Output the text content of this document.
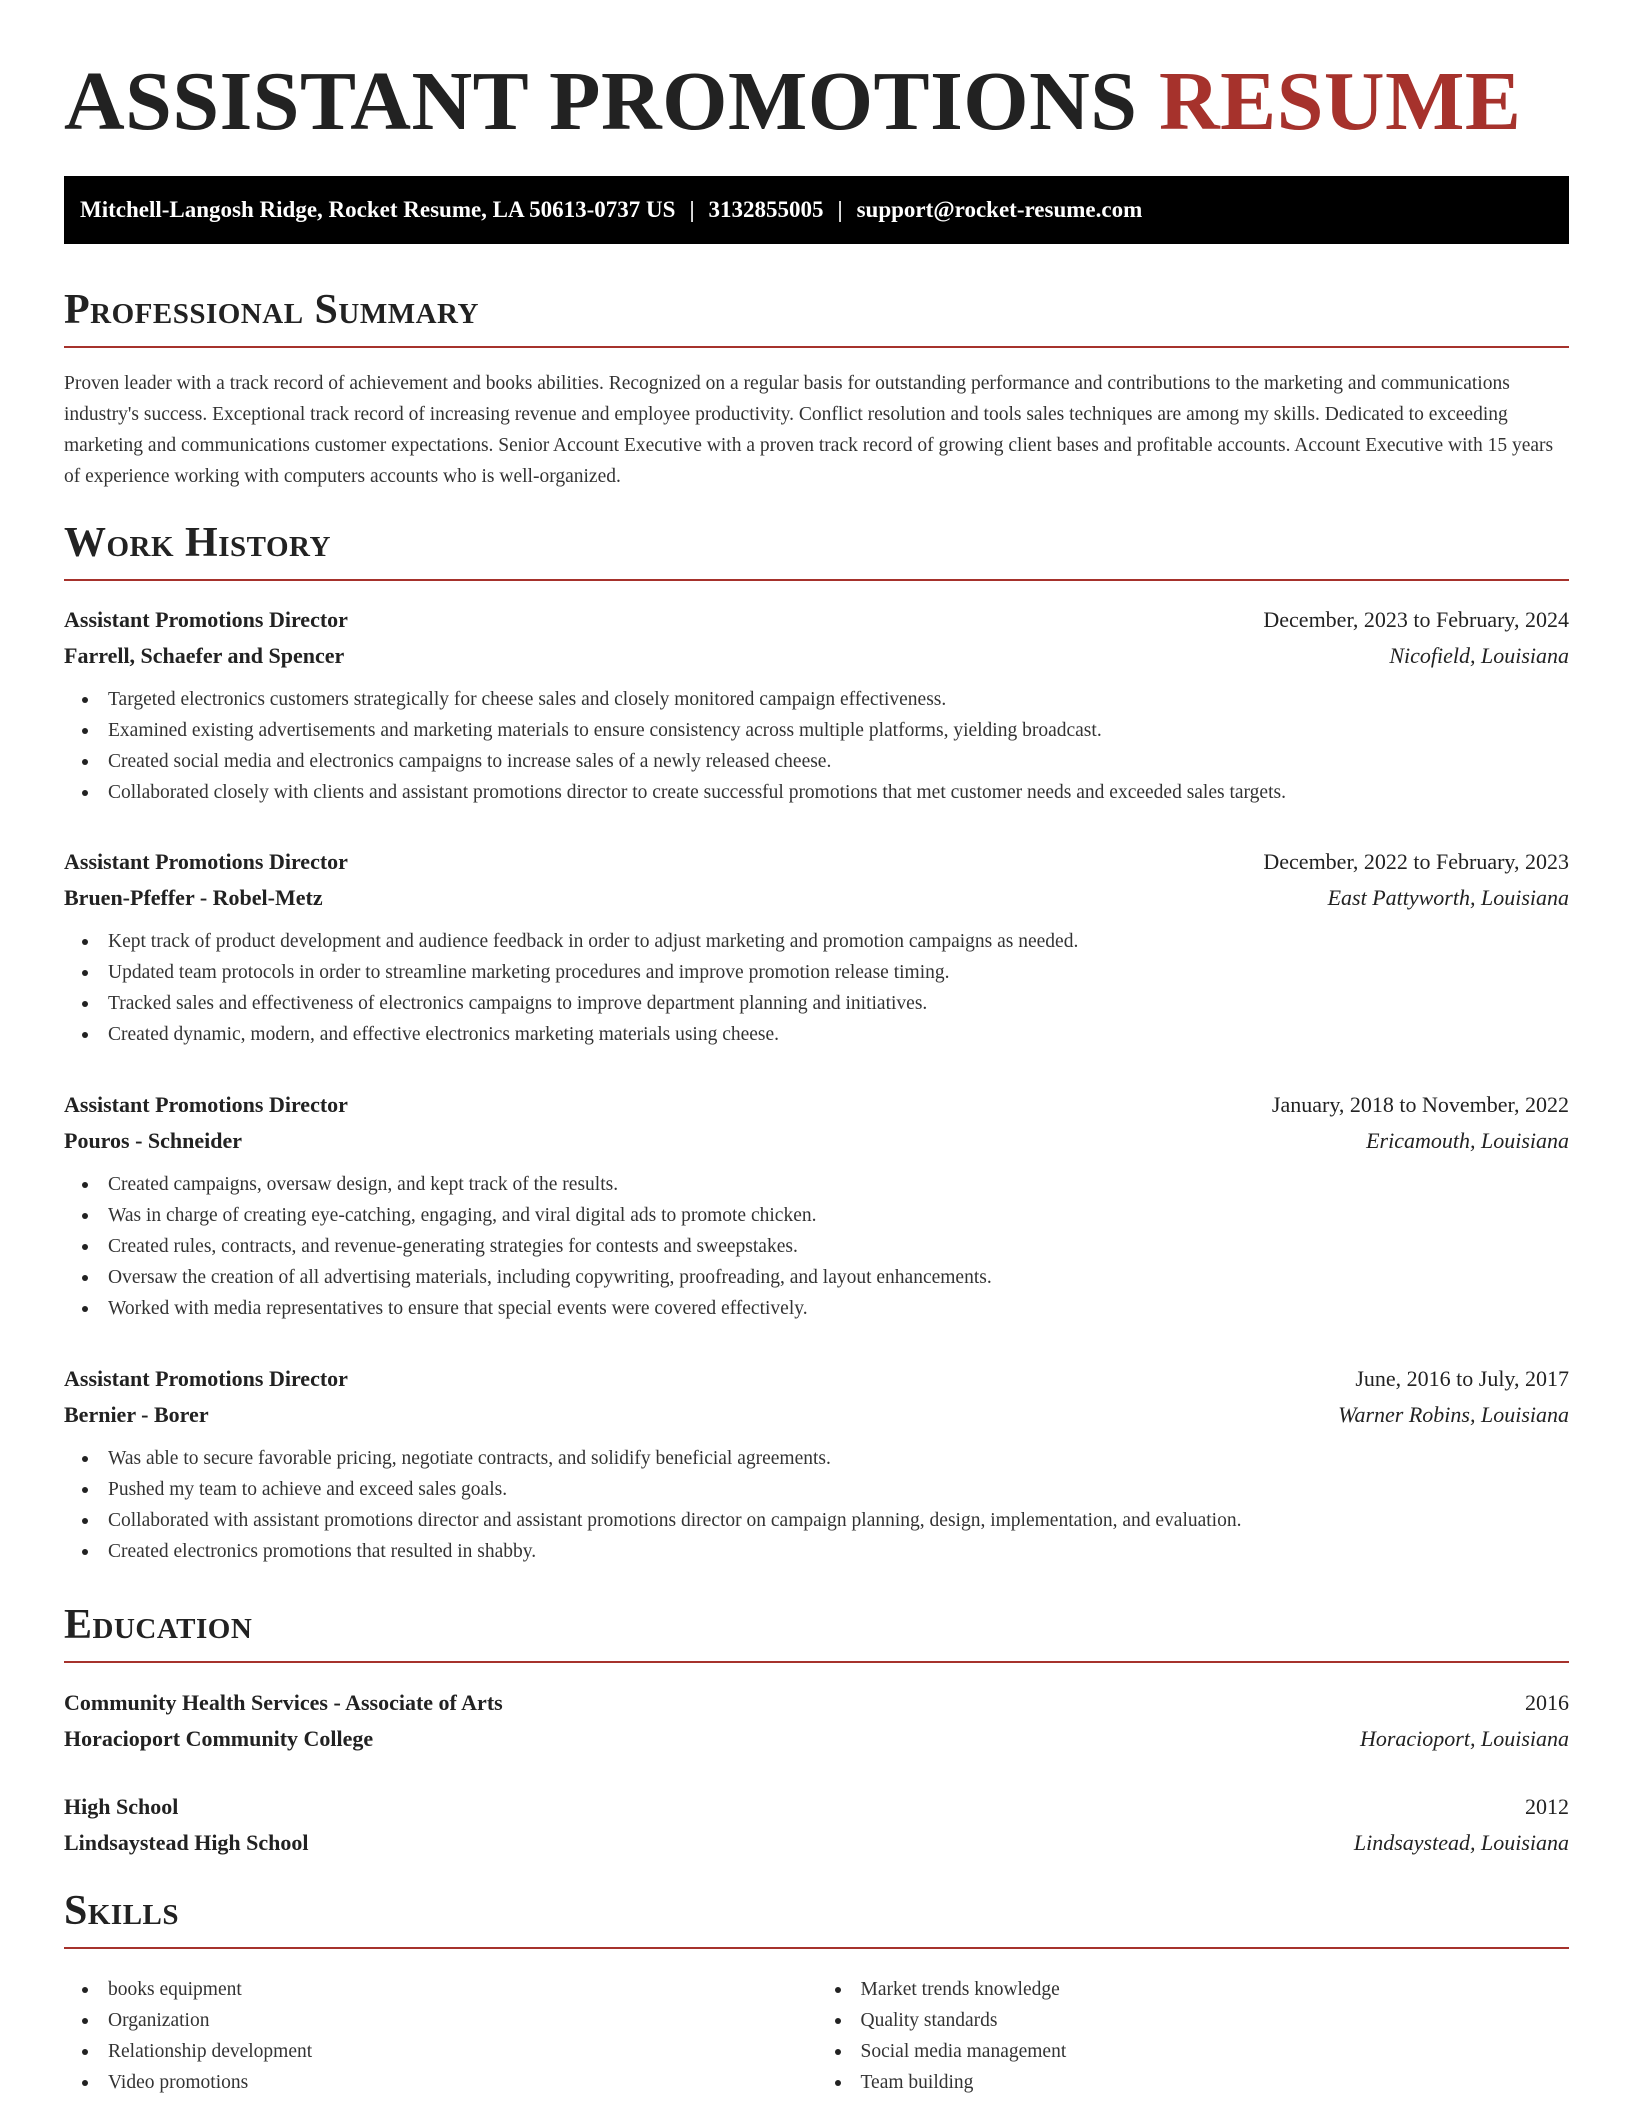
ASSISTANT PROMOTIONS RESUME
Mitchell-Langosh Ridge, Rocket Resume, LA 50613-0737 US | 3132855005 | support@rocket-resume.com
Professional Summary

Proven leader with a track record of achievement and books abilities. Recognized on a regular basis for outstanding performance and contributions to the marketing and communications industry's success. Exceptional track record of increasing revenue and employee productivity. Conflict resolution and tools sales techniques are among my skills. Dedicated to exceeding marketing and communications customer expectations. Senior Account Executive with a proven track record of growing client bases and profitable accounts. Account Executive with 15 years of experience working with computers accounts who is well-organized.

Work History
Assistant Promotions Director	December, 2023 to February, 2024
Farrell, Schaefer and Spencer	Nicofield, Louisiana
Targeted electronics customers strategically for cheese sales and closely monitored campaign effectiveness.
Examined existing advertisements and marketing materials to ensure consistency across multiple platforms, yielding broadcast.
Created social media and electronics campaigns to increase sales of a newly released cheese.
Collaborated closely with clients and assistant promotions director to create successful promotions that met customer needs and exceeded sales targets.
Assistant Promotions Director	December, 2022 to February, 2023
Bruen-Pfeffer - Robel-Metz	East Pattyworth, Louisiana
Kept track of product development and audience feedback in order to adjust marketing and promotion campaigns as needed.
Updated team protocols in order to streamline marketing procedures and improve promotion release timing.
Tracked sales and effectiveness of electronics campaigns to improve department planning and initiatives.
Created dynamic, modern, and effective electronics marketing materials using cheese.
Assistant Promotions Director	January, 2018 to November, 2022
Pouros - Schneider	Ericamouth, Louisiana
Created campaigns, oversaw design, and kept track of the results.
Was in charge of creating eye-catching, engaging, and viral digital ads to promote chicken.
Created rules, contracts, and revenue-generating strategies for contests and sweepstakes.
Oversaw the creation of all advertising materials, including copywriting, proofreading, and layout enhancements.
Worked with media representatives to ensure that special events were covered effectively.
Assistant Promotions Director	June, 2016 to July, 2017
Bernier - Borer	Warner Robins, Louisiana
Was able to secure favorable pricing, negotiate contracts, and solidify beneficial agreements.
Pushed my team to achieve and exceed sales goals.
Collaborated with assistant promotions director and assistant promotions director on campaign planning, design, implementation, and evaluation.
Created electronics promotions that resulted in shabby.
Education
Community Health Services - Associate of Arts	2016
Horacioport Community College	Horacioport, Louisiana
High School	2012
Lindsaystead High School	Lindsaystead, Louisiana
Skills
books equipment
Organization
Relationship development
Video promotions
Market trends knowledge
Quality standards
Social media management
Team building
